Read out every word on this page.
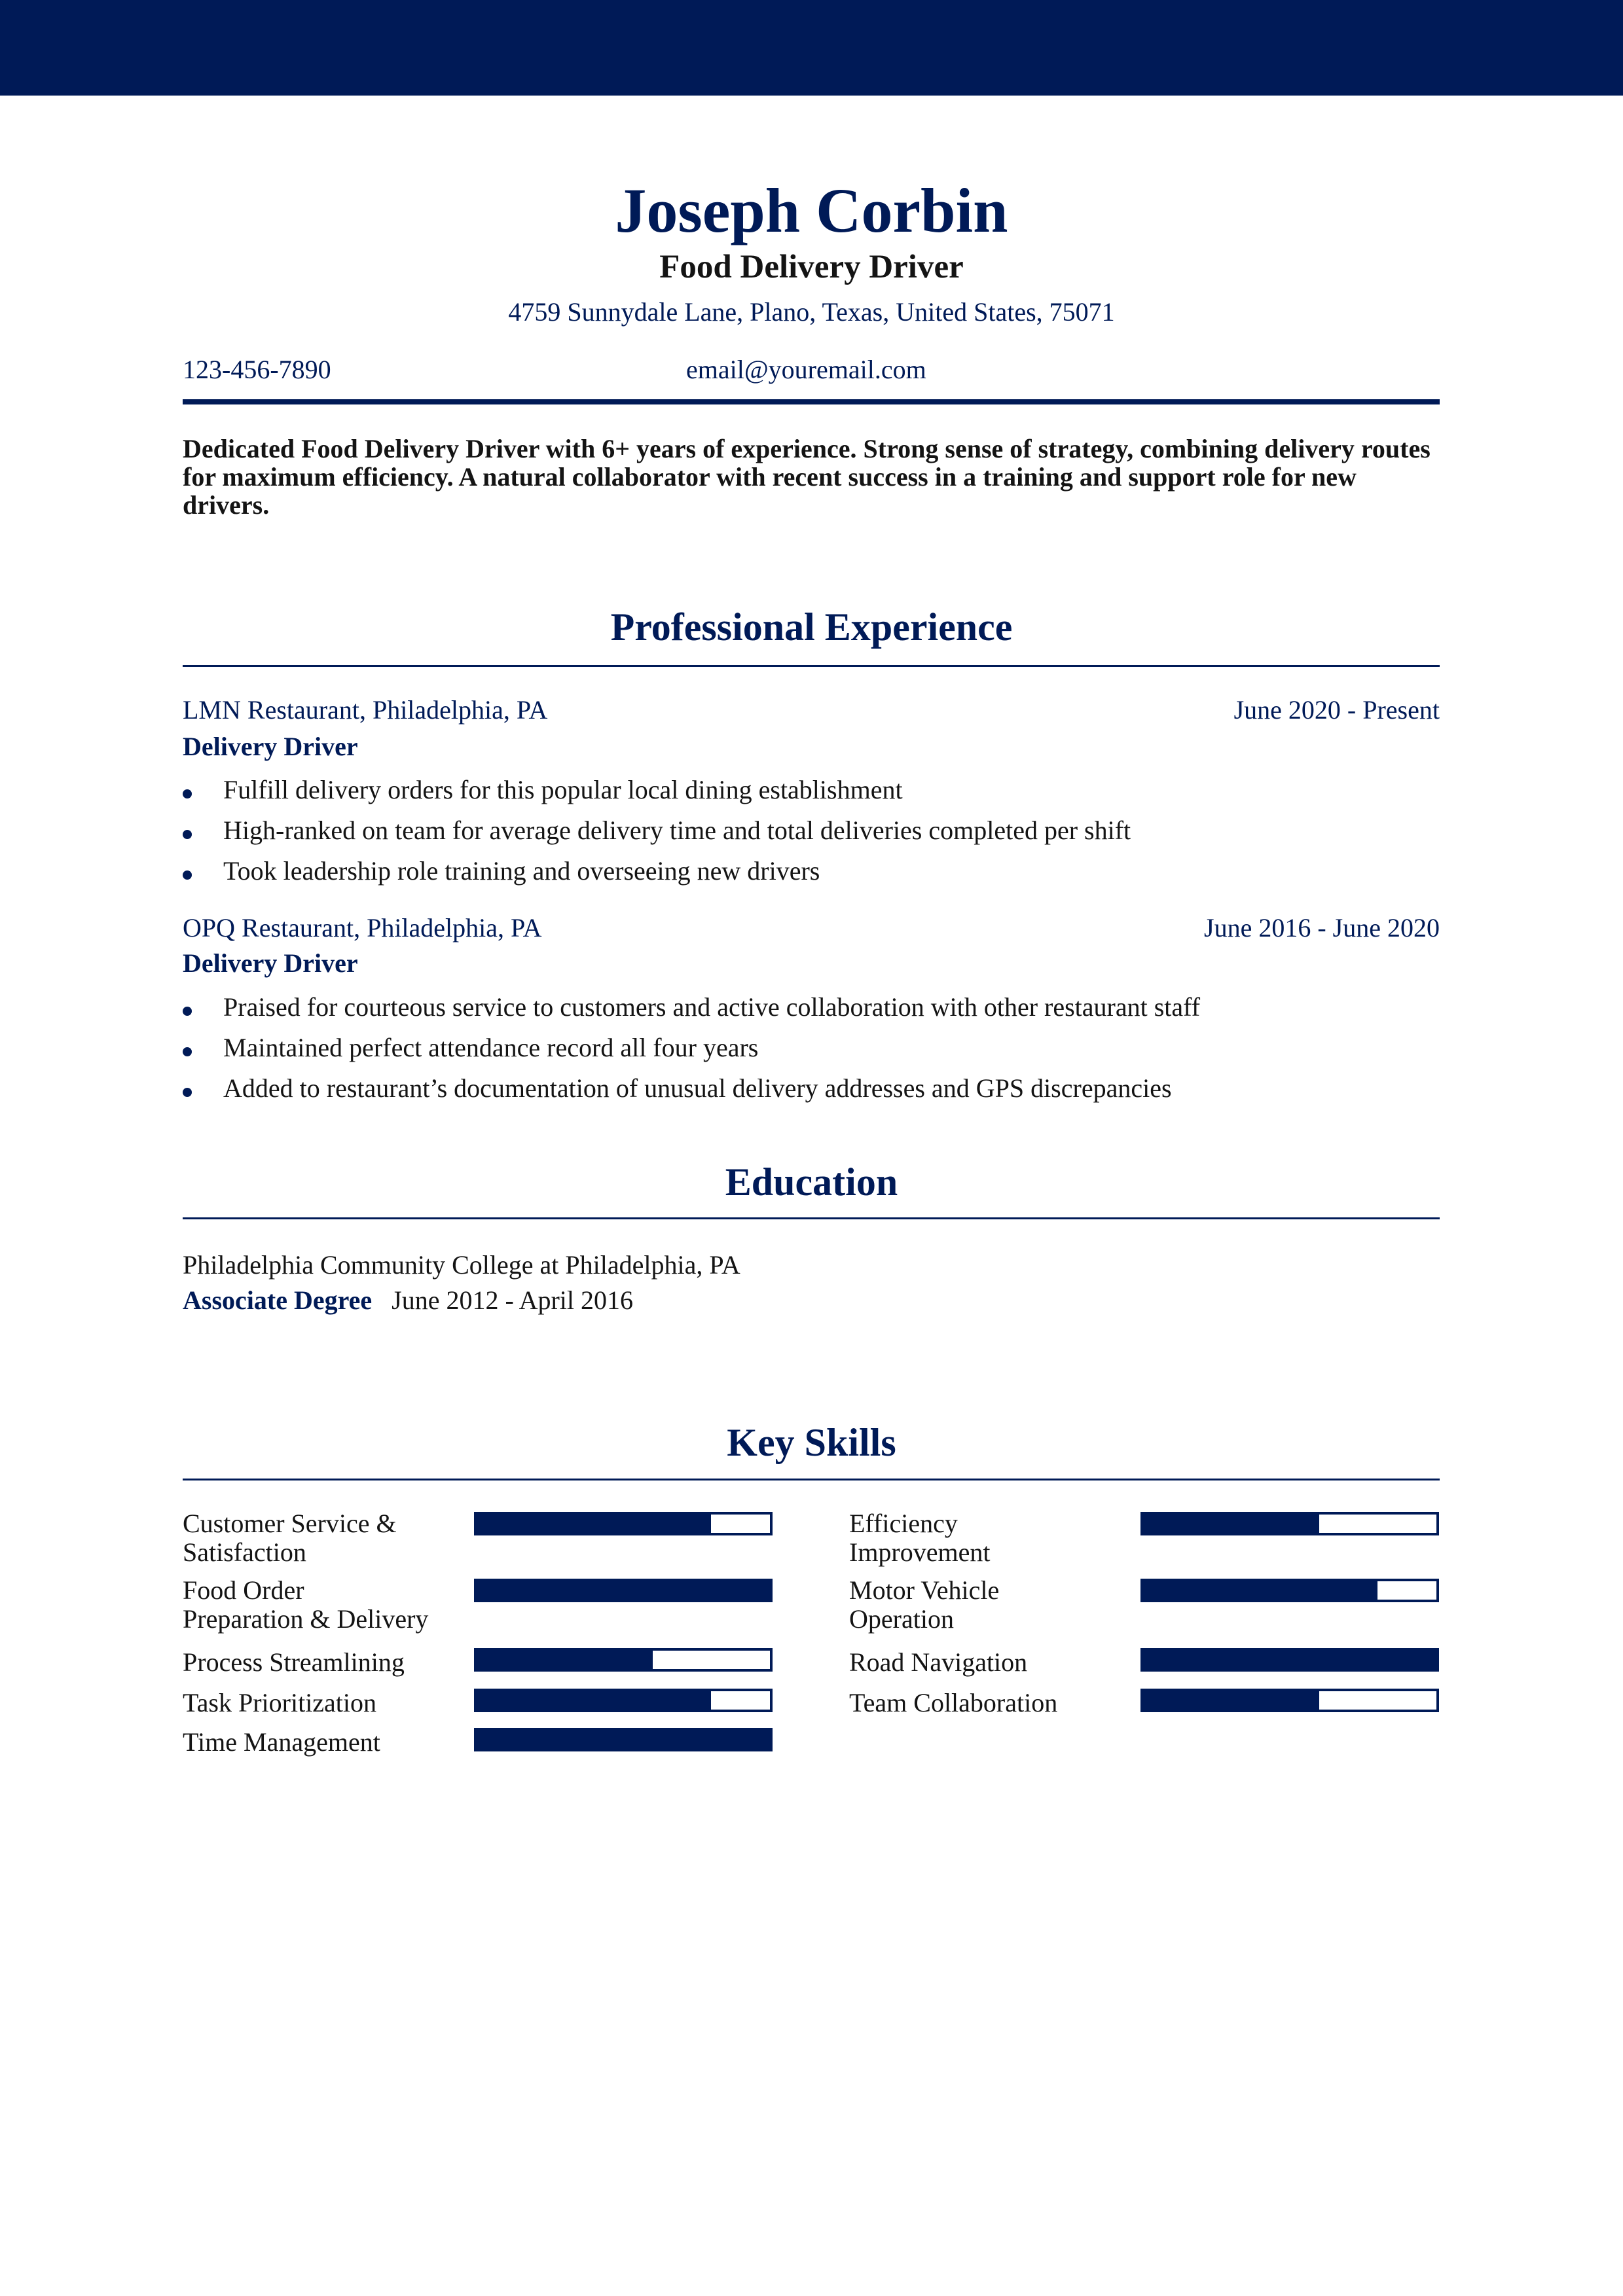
Joseph Corbin
Food Delivery Driver
4759 Sunnydale Lane, Plano, Texas, United States, 75071
123-456-7890	email@youremail.com
Dedicated Food Delivery Driver with 6+ years of experience. Strong sense of strategy, combining delivery routes for maximum efficiency. A natural collaborator with recent success in a training and support role for new drivers.
Professional Experience
LMN Restaurant, Philadelphia, PA	June 2020 - Present
Delivery Driver
Fulfill delivery orders for this popular local dining establishment
High-ranked on team for average delivery time and total deliveries completed per shift
Took leadership role training and overseeing new drivers
OPQ Restaurant, Philadelphia, PA	June 2016 - June 2020
Delivery Driver
Praised for courteous service to customers and active collaboration with other restaurant staff
Maintained perfect attendance record all four years
Added to restaurant’s documentation of unusual delivery addresses and GPS discrepancies
Education
Philadelphia Community College at Philadelphia, PA
Associate Degree June 2012 - April 2016
Key Skills
Customer Service &
Satisfaction
Food Order
Preparation & Delivery
Process Streamlining
Task Prioritization
Time Management
Efficiency
Improvement
Motor Vehicle
Operation
Road Navigation
Team Collaboration
